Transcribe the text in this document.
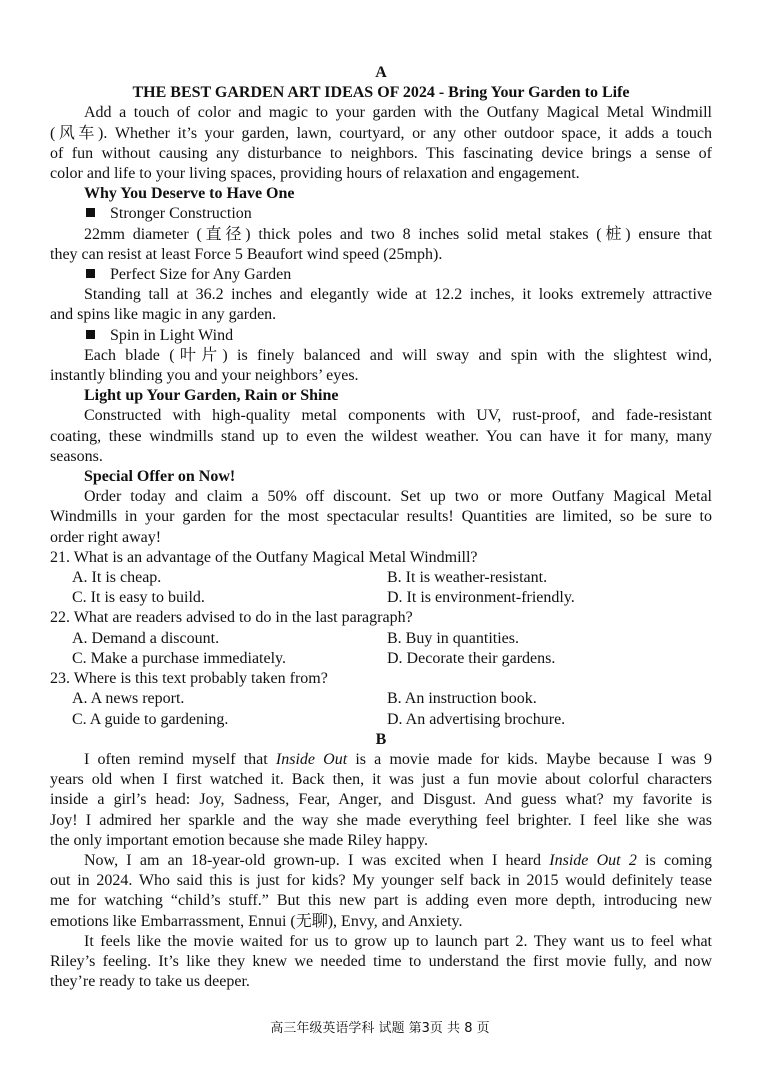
A
THE BEST GARDEN ART IDEAS OF 2024 - Bring Your Garden to Life
Add a touch of color and magic to your garden with the Outfany Magical Metal Windmill
(风车). Whether it’s your garden, lawn, courtyard, or any other outdoor space, it adds a touch
of fun without causing any disturbance to neighbors. This fascinating device brings a sense of
color and life to your living spaces, providing hours of relaxation and engagement.
Why You Deserve to Have One
Stronger Construction
22mm diameter (直径) thick poles and two 8 inches solid metal stakes (桩) ensure that
they can resist at least Force 5 Beaufort wind speed (25mph).
Perfect Size for Any Garden
Standing tall at 36.2 inches and elegantly wide at 12.2 inches, it looks extremely attractive
and spins like magic in any garden.
Spin in Light Wind
Each blade (叶片) is finely balanced and will sway and spin with the slightest wind,
instantly blinding you and your neighbors’ eyes.
Light up Your Garden, Rain or Shine
Constructed with high-quality metal components with UV, rust-proof, and fade-resistant
coating, these windmills stand up to even the wildest weather. You can have it for many, many
seasons.
Special Offer on Now!
Order today and claim a 50% off discount. Set up two or more Outfany Magical Metal
Windmills in your garden for the most spectacular results! Quantities are limited, so be sure to
order right away!
21. What is an advantage of the Outfany Magical Metal Windmill?
A. It is cheap.	B. It is weather-resistant.
C. It is easy to build.	D. It is environment-friendly.
22. What are readers advised to do in the last paragraph?
A. Demand a discount.	B. Buy in quantities.
C. Make a purchase immediately.	D. Decorate their gardens.
23. Where is this text probably taken from?
A. A news report.	B. An instruction book.
C. A guide to gardening.	D. An advertising brochure.
B
I often remind myself that Inside Out is a movie made for kids. Maybe because I was 9
years old when I first watched it. Back then, it was just a fun movie about colorful characters
inside a girl’s head: Joy, Sadness, Fear, Anger, and Disgust. And guess what? my favorite is
Joy! I admired her sparkle and the way she made everything feel brighter. I feel like she was
the only important emotion because she made Riley happy.
Now, I am an 18-year-old grown-up. I was excited when I heard Inside Out 2 is coming
out in 2024. Who said this is just for kids? My younger self back in 2015 would definitely tease
me for watching “child’s stuff.” But this new part is adding even more depth, introducing new
emotions like Embarrassment, Ennui (无聊), Envy, and Anxiety.
It feels like the movie waited for us to grow up to launch part 2. They want us to feel what
Riley’s feeling. It’s like they knew we needed time to understand the first movie fully, and now
they’re ready to take us deeper.
高三年级英语学科 试题 第3页 共 8 页
